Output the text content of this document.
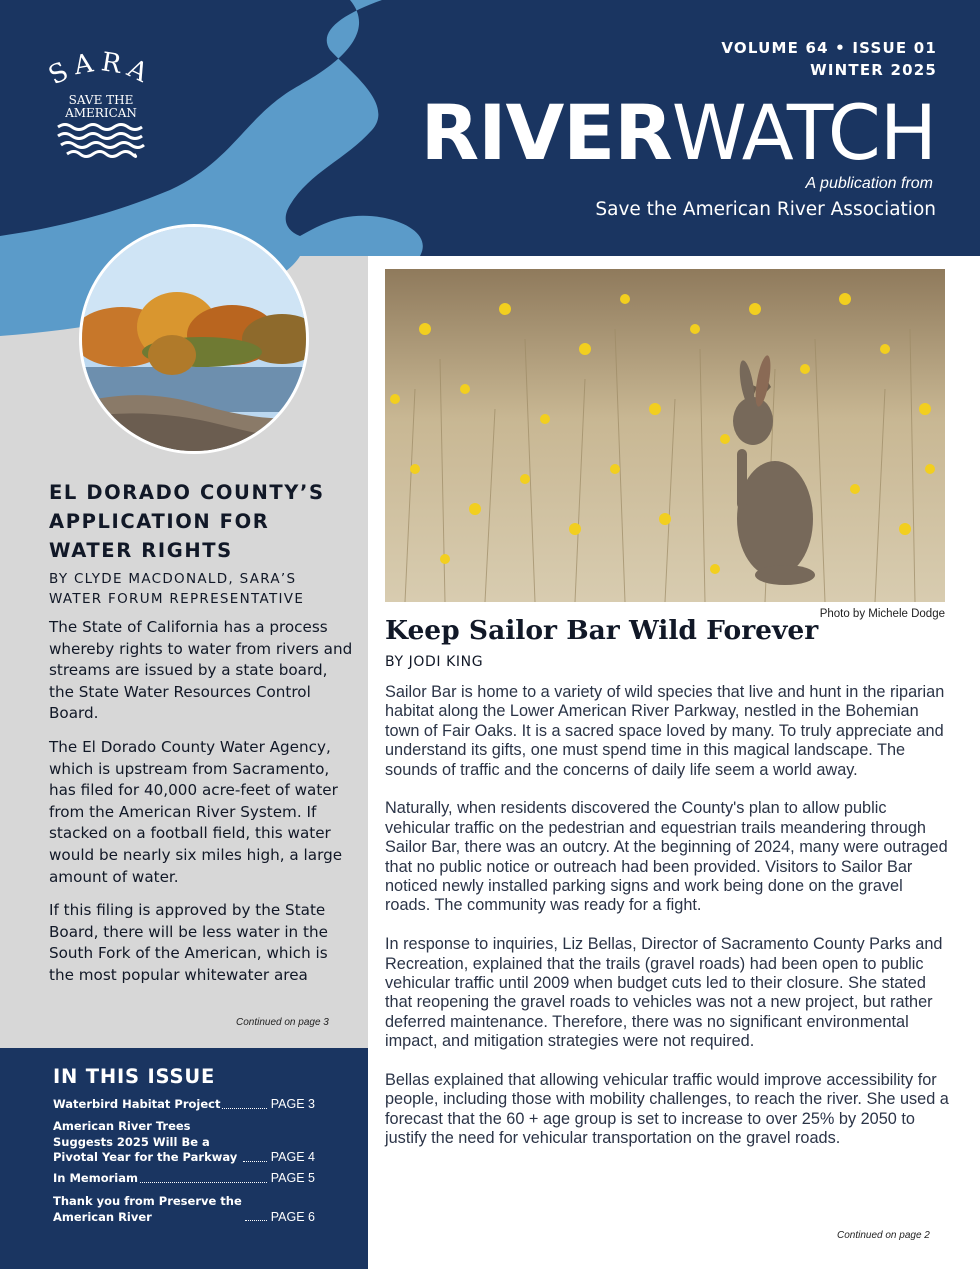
SARA
SAVE THE
AMERICAN
VOLUME 64 • ISSUE 01
WINTER 2025
RIVERWATCH
A publication from
Save the American River Association
EL DORADO COUNTY’S APPLICATION FOR WATER RIGHTS
BY CLYDE MACDONALD, SARA’S WATER FORUM REPRESENTATIVE

The State of California has a process whereby rights to water from rivers and streams are issued by a state board, the State Water Resources Control Board.

The El Dorado County Water Agency, which is upstream from Sacramento, has filed for 40,000 acre-feet of water from the American River System. If stacked on a football field, this water would be nearly six miles high, a large amount of water.

If this filing is approved by the State Board, there will be less water in the South Fork of the American, which is the most popular whitewater area

Continued on page 3
IN THIS ISSUE
Waterbird Habitat Project	PAGE 3
American River Trees Suggests 2025 Will Be a Pivotal Year for the Parkway	PAGE 4
In Memoriam	PAGE 5
Thank you from Preserve the American River	PAGE 6
Photo by Michele Dodge
Keep Sailor Bar Wild Forever
BY JODI KING

Sailor Bar is home to a variety of wild species that live and hunt in the riparian habitat along the Lower American River Parkway, nestled in the Bohemian town of Fair Oaks. It is a sacred space loved by many. To truly appreciate and understand its gifts, one must spend time in this magical landscape. The sounds of traffic and the concerns of daily life seem a world away.

Naturally, when residents discovered the County's plan to allow public vehicular traffic on the pedestrian and equestrian trails meandering through Sailor Bar, there was an outcry. At the beginning of 2024, many were outraged that no public notice or outreach had been provided. Visitors to Sailor Bar noticed newly installed parking signs and work being done on the gravel roads. The community was ready for a fight.

In response to inquiries, Liz Bellas, Director of Sacramento County Parks and Recreation, explained that the trails (gravel roads) had been open to public vehicular traffic until 2009 when budget cuts led to their closure. She stated that reopening the gravel roads to vehicles was not a new project, but rather deferred maintenance. Therefore, there was no significant environmental impact, and mitigation strategies were not required.

Bellas explained that allowing vehicular traffic would improve accessibility for people, including those with mobility challenges, to reach the river. She used a forecast that the 60 + age group is set to increase to over 25% by 2050 to justify the need for vehicular transportation on the gravel roads.

Continued on page 2
